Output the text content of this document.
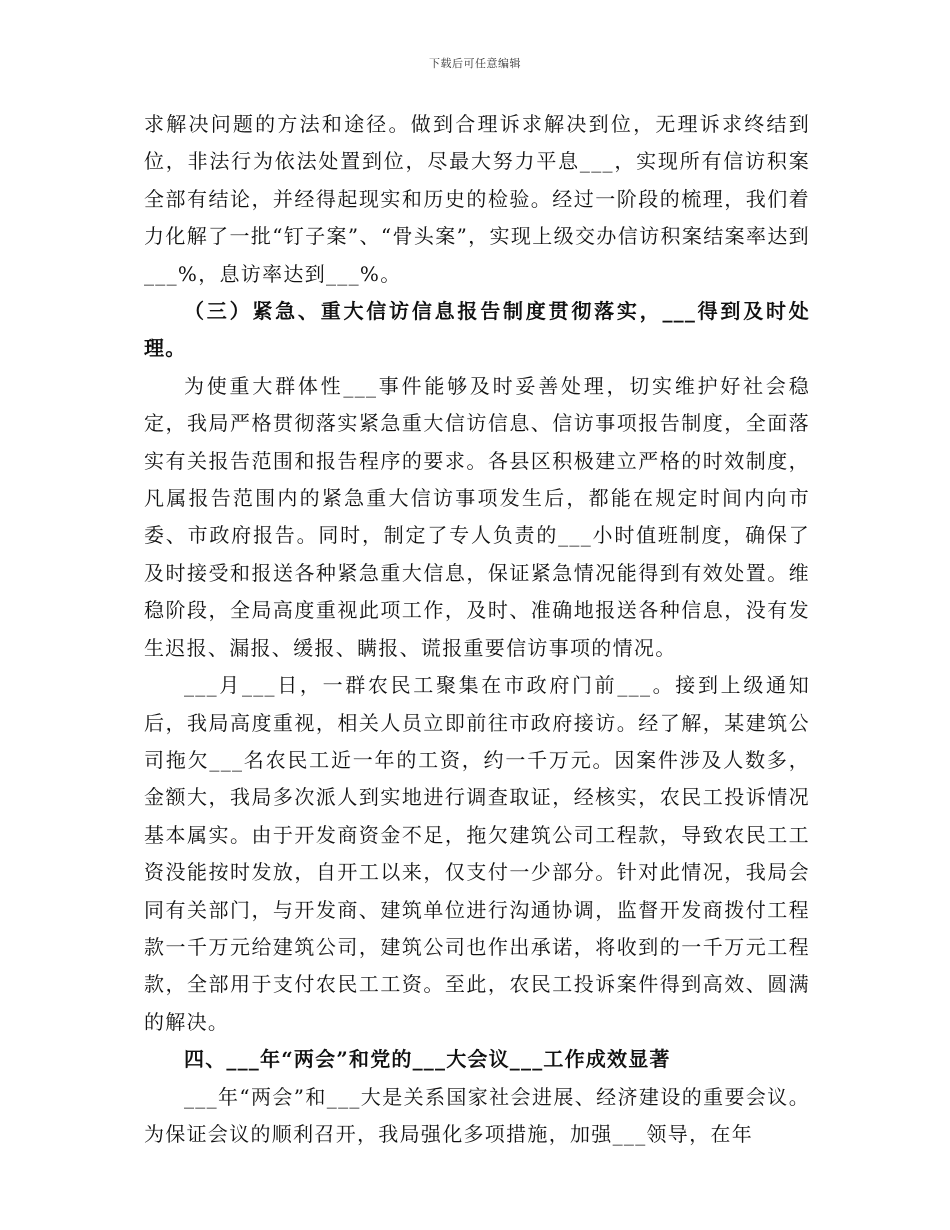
下载后可任意编辑

求解决问题的方法和途径。做到合理诉求解决到位，无理诉求终结到位，非法行为依法处置到位，尽最大努力平息___，实现所有信访积案全部有结论，并经得起现实和历史的检验。经过一阶段的梳理，我们着力化解了一批“钉子案”、“骨头案”，实现上级交办信访积案结案率达到___%，息访率达到___%。

（三）紧急、重大信访信息报告制度贯彻落实，___得到及时处理。

为使重大群体性___事件能够及时妥善处理，切实维护好社会稳定，我局严格贯彻落实紧急重大信访信息、信访事项报告制度，全面落实有关报告范围和报告程序的要求。各县区积极建立严格的时效制度，凡属报告范围内的紧急重大信访事项发生后，都能在规定时间内向市委、市政府报告。同时，制定了专人负责的___小时值班制度，确保了及时接受和报送各种紧急重大信息，保证紧急情况能得到有效处置。维稳阶段，全局高度重视此项工作，及时、准确地报送各种信息，没有发生迟报、漏报、缓报、瞒报、谎报重要信访事项的情况。

___月___日，一群农民工聚集在市政府门前___。接到上级通知后，我局高度重视，相关人员立即前往市政府接访。经了解，某建筑公司拖欠___名农民工近一年的工资，约一千万元。因案件涉及人数多，金额大，我局多次派人到实地进行调查取证，经核实，农民工投诉情况基本属实。由于开发商资金不足，拖欠建筑公司工程款，导致农民工工资没能按时发放，自开工以来，仅支付一少部分。针对此情况，我局会同有关部门，与开发商、建筑单位进行沟通协调，监督开发商拨付工程款一千万元给建筑公司，建筑公司也作出承诺，将收到的一千万元工程款，全部用于支付农民工工资。至此，农民工投诉案件得到高效、圆满的解决。

四、___年“两会”和党的___大会议___工作成效显著

___年“两会”和___大是关系国家社会进展、经济建设的重要会议。为保证会议的顺利召开，我局强化多项措施，加强___领导，在年
